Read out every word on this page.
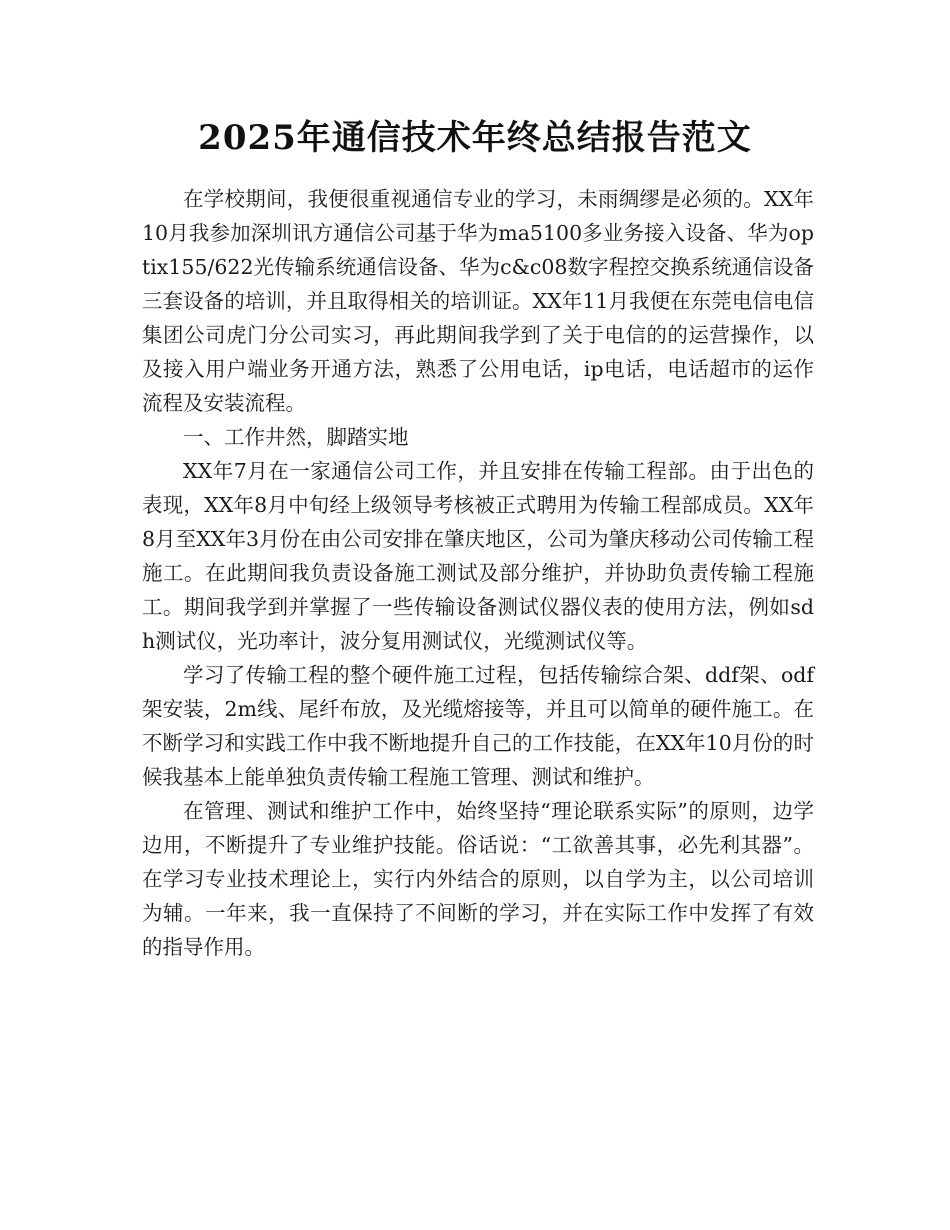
2025年通信技术年终总结报告范文

在学校期间，我便很重视通信专业的学习，未雨绸缪是必须的。XX年10月我参加深圳讯方通信公司基于华为ma5100多业务接入设备、华为optix155/622光传输系统通信设备、华为c&c08数字程控交换系统通信设备三套设备的培训，并且取得相关的培训证。XX年11月我便在东莞电信电信集团公司虎门分公司实习，再此期间我学到了关于电信的的运营操作，以及接入用户端业务开通方法，熟悉了公用电话，ip电话，电话超市的运作流程及安装流程。

一、工作井然，脚踏实地

XX年7月在一家通信公司工作，并且安排在传输工程部。由于出色的表现，XX年8月中旬经上级领导考核被正式聘用为传输工程部成员。XX年8月至XX年3月份在由公司安排在肇庆地区，公司为肇庆移动公司传输工程施工。在此期间我负责设备施工测试及部分维护，并协助负责传输工程施工。期间我学到并掌握了一些传输设备测试仪器仪表的使用方法，例如sdh测试仪，光功率计，波分复用测试仪，光缆测试仪等。

学习了传输工程的整个硬件施工过程，包括传输综合架、ddf架、odf架安装，2m线、尾纤布放，及光缆熔接等，并且可以简单的硬件施工。在不断学习和实践工作中我不断地提升自己的工作技能，在XX年10月份的时候我基本上能单独负责传输工程施工管理、测试和维护。

在管理、测试和维护工作中，始终坚持“理论联系实际”的原则，边学边用，不断提升了专业维护技能。俗话说：“工欲善其事，必先利其器”。在学习专业技术理论上，实行内外结合的原则，以自学为主，以公司培训为辅。一年来，我一直保持了不间断的学习，并在实际工作中发挥了有效的指导作用。
